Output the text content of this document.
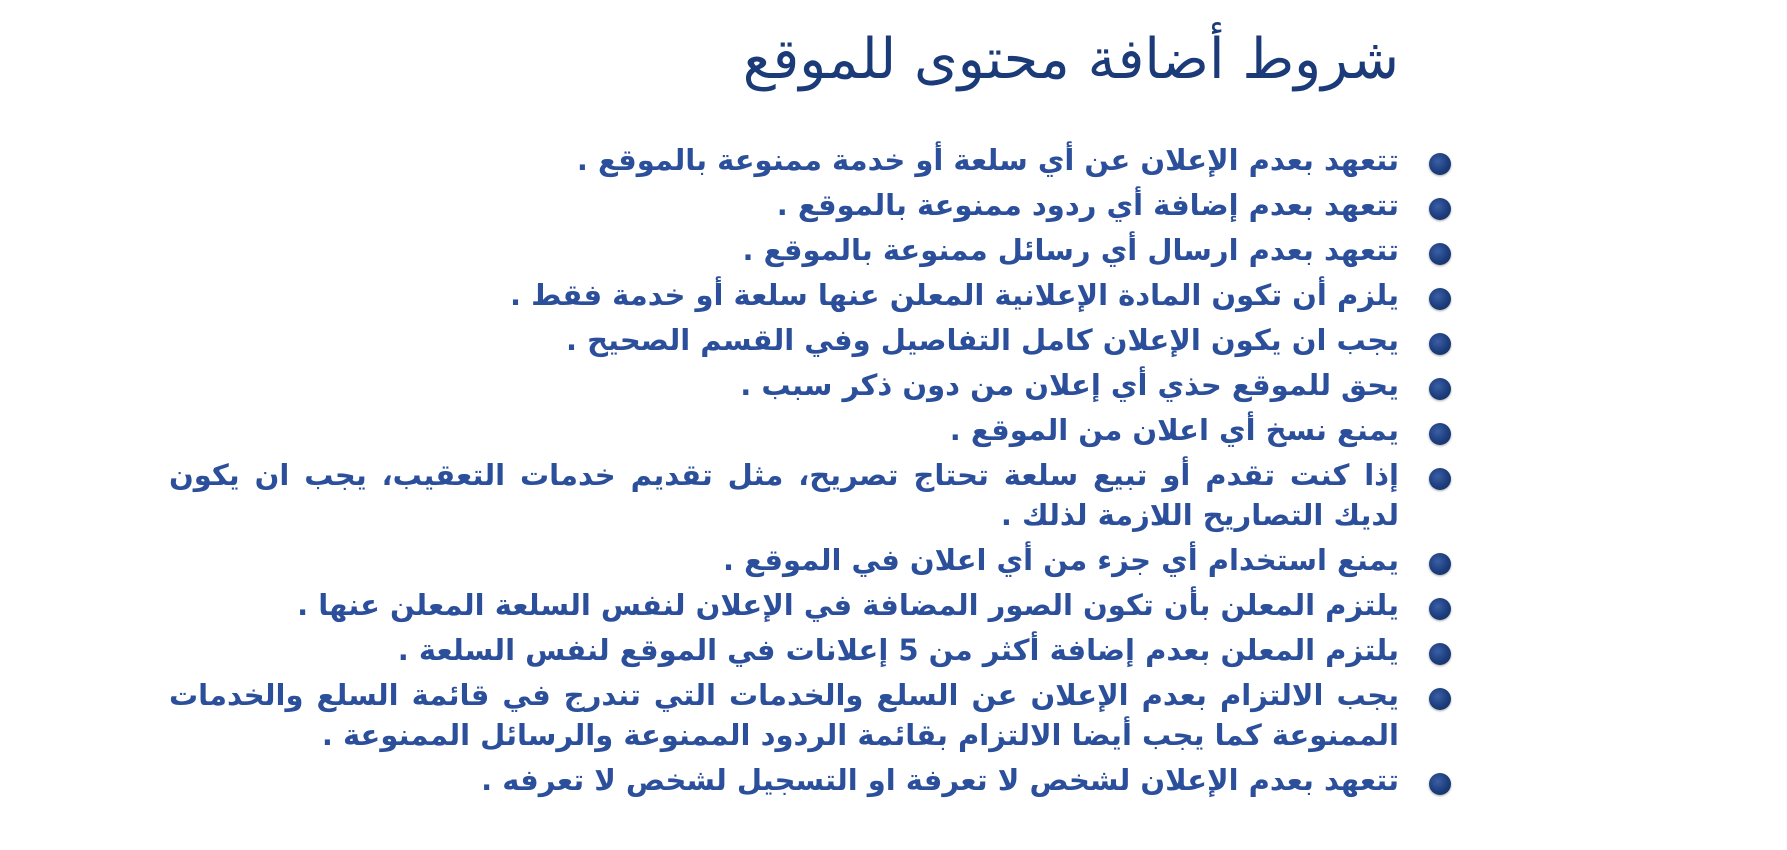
شروط أضافة محتوى للموقع
تتعهد بعدم الإعلان عن أي سلعة أو خدمة ممنوعة بالموقع .
تتعهد بعدم إضافة أي ردود ممنوعة بالموقع .
تتعهد بعدم ارسال أي رسائل ممنوعة بالموقع .
يلزم أن تكون المادة الإعلانية المعلن عنها سلعة أو خدمة فقط .
يجب ان يكون الإعلان كامل التفاصيل وفي القسم الصحيح .
يحق للموقع حذي أي إعلان من دون ذكر سبب .
يمنع نسخ أي اعلان من الموقع .
إذا كنت تقدم أو تبيع سلعة تحتاج تصريح، مثل تقديم خدمات التعقيب، يجب ان يكون لديك التصاريح اللازمة لذلك .
يمنع استخدام أي جزء من أي اعلان في الموقع .
يلتزم المعلن بأن تكون الصور المضافة في الإعلان لنفس السلعة المعلن عنها .
يلتزم المعلن بعدم إضافة أكثر من 5 إعلانات في الموقع لنفس السلعة .
يجب الالتزام بعدم الإعلان عن السلع والخدمات التي تندرج في قائمة السلع والخدمات الممنوعة كما يجب أيضا الالتزام بقائمة الردود الممنوعة والرسائل الممنوعة .
تتعهد بعدم الإعلان لشخص لا تعرفة او التسجيل لشخص لا تعرفه .
